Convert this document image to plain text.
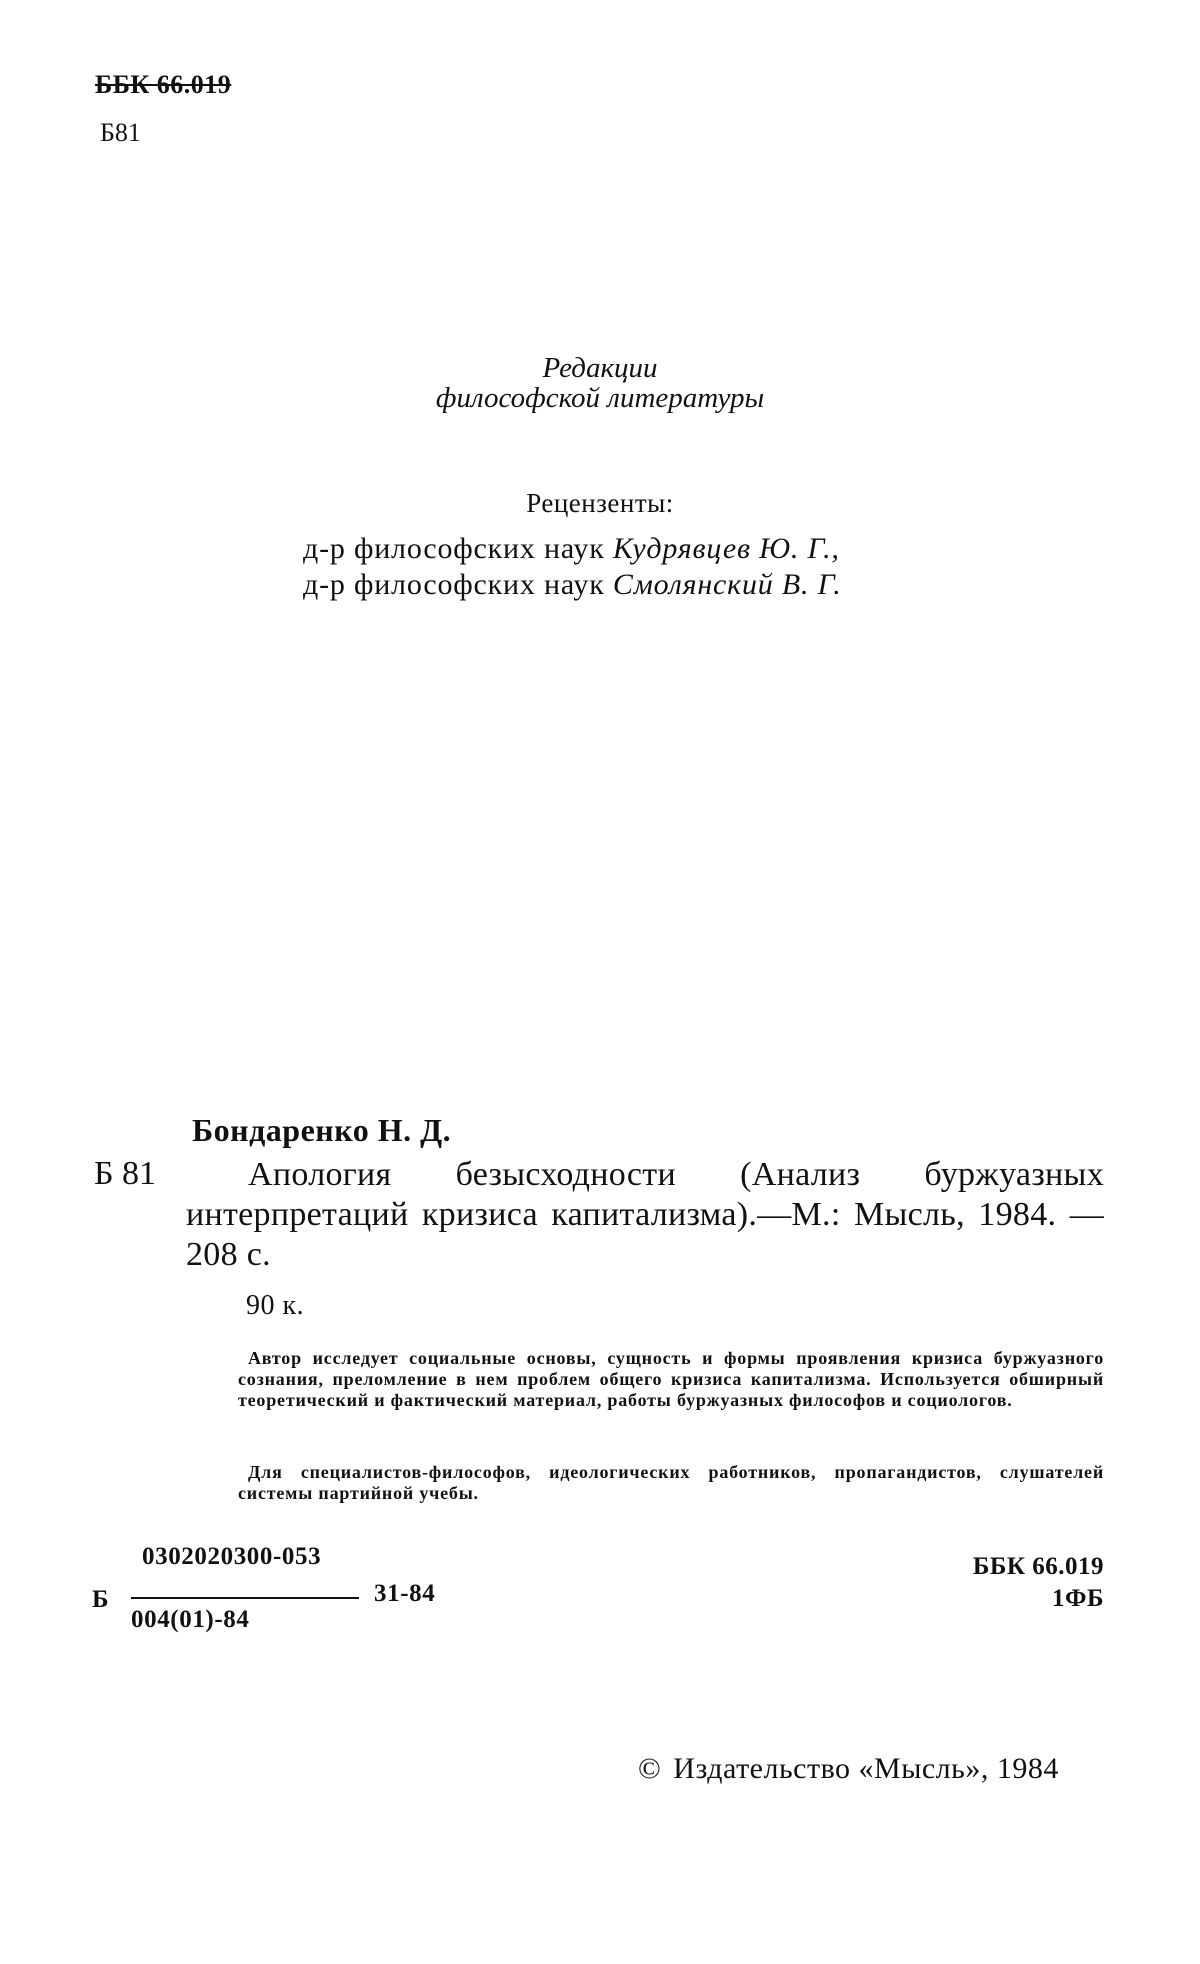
ББК 66.019

Б81

Редакции

философской литературы

Рецензенты:

д-р философских наук Кудрявцев Ю. Г.,

д-р философских наук Смолянский В. Г.

Бондаренко Н. Д.

Б 81	Апология безысходности (Анализ буржуазных интерпретаций кризиса капитализма).—М.: Мысль, 1984. — 208 с.

90 к.

Автор исследует социальные основы, сущность и формы проявления кризиса буржуазного сознания, преломление в нем проблем общего кризиса капитализма. Используется обширный теоретический и фактический материал, работы буржуазных философов и социологов.

Для специалистов-философов, идеологических работников, пропагандистов, слушателей системы партийной учебы.

0302020300-053

Б

004(01)-84

31-84

ББК 66.019

1ФБ

© Издательство «Мысль», 1984
